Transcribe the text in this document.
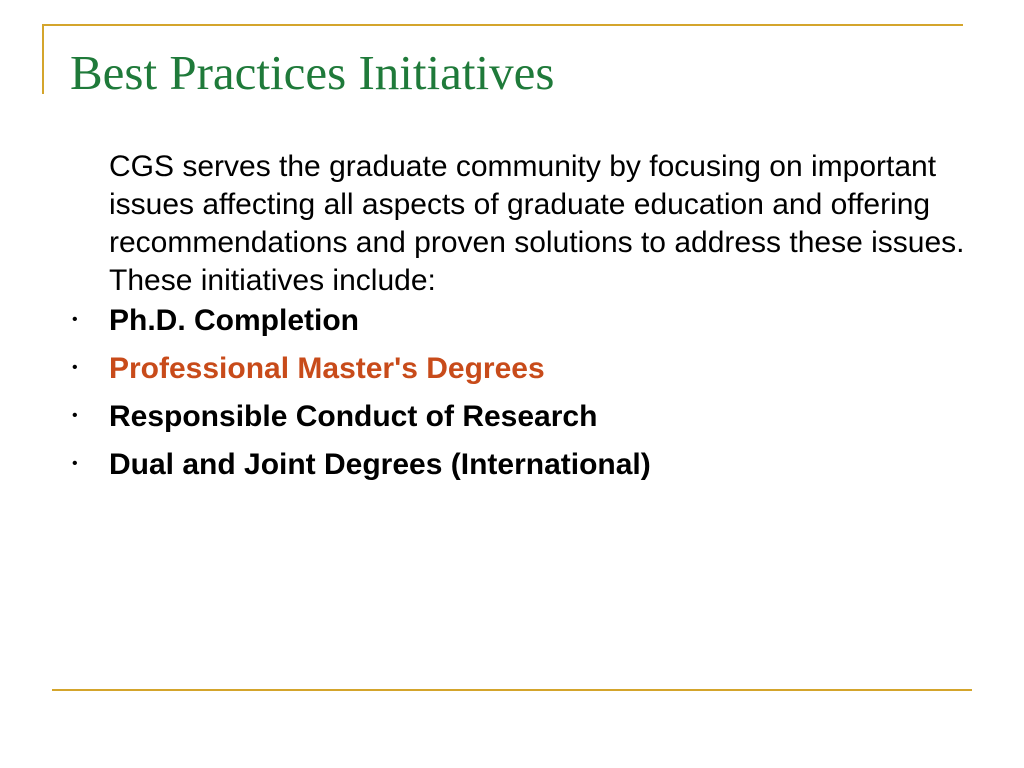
Best Practices Initiatives

CGS serves the graduate community by focusing on important issues affecting all aspects of graduate education and offering recommendations and proven solutions to address these issues. These initiatives include:

•	Ph.D. Completion
•	Professional Master's Degrees
•	Responsible Conduct of Research
•	Dual and Joint Degrees (International)
